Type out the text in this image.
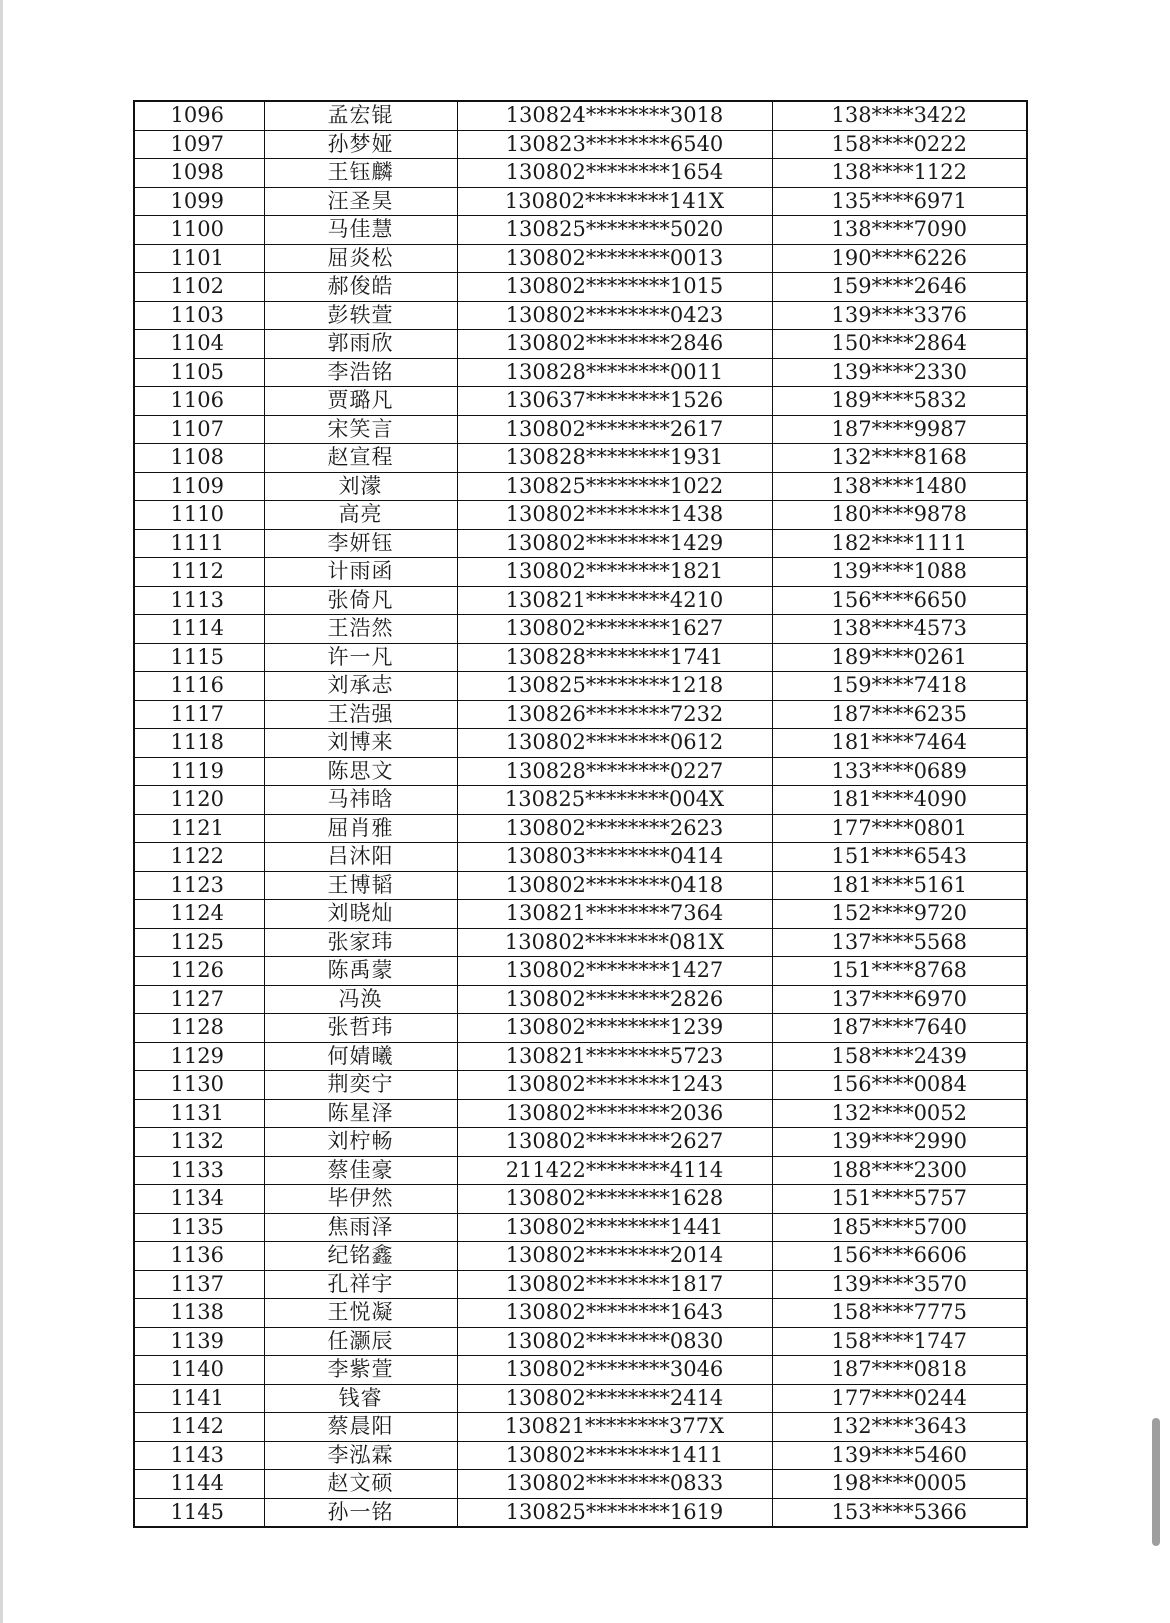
1096	孟宏锟	130824********3018	138****3422
1097	孙梦娅	130823********6540	158****0222
1098	王钰麟	130802********1654	138****1122
1099	汪圣昊	130802********141X	135****6971
1100	马佳慧	130825********5020	138****7090
1101	屈炎松	130802********0013	190****6226
1102	郝俊皓	130802********1015	159****2646
1103	彭轶萱	130802********0423	139****3376
1104	郭雨欣	130802********2846	150****2864
1105	李浩铭	130828********0011	139****2330
1106	贾璐凡	130637********1526	189****5832
1107	宋笑言	130802********2617	187****9987
1108	赵宣程	130828********1931	132****8168
1109	刘濛	130825********1022	138****1480
1110	高亮	130802********1438	180****9878
1111	李妍钰	130802********1429	182****1111
1112	计雨函	130802********1821	139****1088
1113	张倚凡	130821********4210	156****6650
1114	王浩然	130802********1627	138****4573
1115	许一凡	130828********1741	189****0261
1116	刘承志	130825********1218	159****7418
1117	王浩强	130826********7232	187****6235
1118	刘博来	130802********0612	181****7464
1119	陈思文	130828********0227	133****0689
1120	马祎晗	130825********004X	181****4090
1121	屈肖雅	130802********2623	177****0801
1122	吕沐阳	130803********0414	151****6543
1123	王博韬	130802********0418	181****5161
1124	刘晓灿	130821********7364	152****9720
1125	张家玮	130802********081X	137****5568
1126	陈禹蒙	130802********1427	151****8768
1127	冯涣	130802********2826	137****6970
1128	张哲玮	130802********1239	187****7640
1129	何婧曦	130821********5723	158****2439
1130	荆奕宁	130802********1243	156****0084
1131	陈星泽	130802********2036	132****0052
1132	刘柠畅	130802********2627	139****2990
1133	蔡佳豪	211422********4114	188****2300
1134	毕伊然	130802********1628	151****5757
1135	焦雨泽	130802********1441	185****5700
1136	纪铭鑫	130802********2014	156****6606
1137	孔祥宇	130802********1817	139****3570
1138	王悦凝	130802********1643	158****7775
1139	任灏辰	130802********0830	158****1747
1140	李紫萱	130802********3046	187****0818
1141	钱睿	130802********2414	177****0244
1142	蔡晨阳	130821********377X	132****3643
1143	李泓霖	130802********1411	139****5460
1144	赵文硕	130802********0833	198****0005
1145	孙一铭	130825********1619	153****5366
